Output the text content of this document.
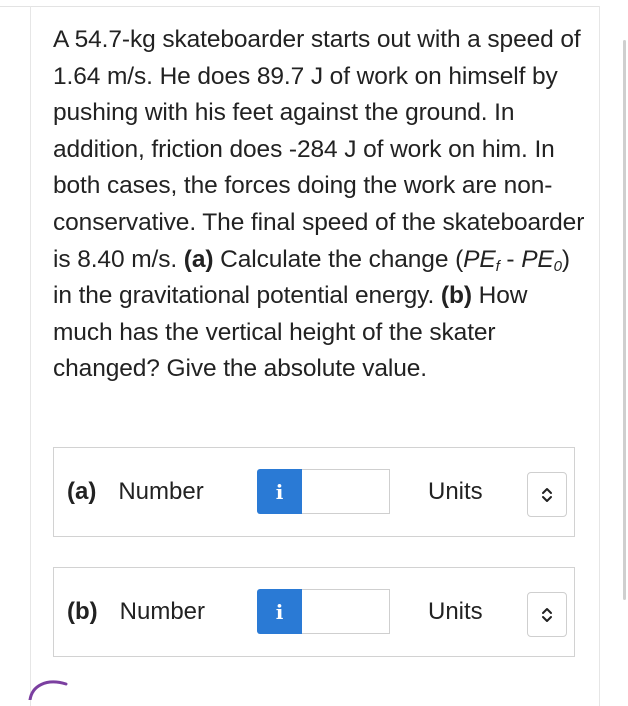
A 54.7-kg skateboarder starts out with a speed of 1.64 m/s. He does 89.7 J of work on himself by pushing with his feet against the ground. In addition, friction does -284 J of work on him. In both cases, the forces doing the work are non-conservative. The final speed of the skateboarder is 8.40 m/s. (a) Calculate the change $(PE_f - PE_0)$ in the gravitational potential energy. (b) How much has the vertical height of the skater changed? Give the absolute value.
(a) Number	i	Units
(b) Number	i	Units
